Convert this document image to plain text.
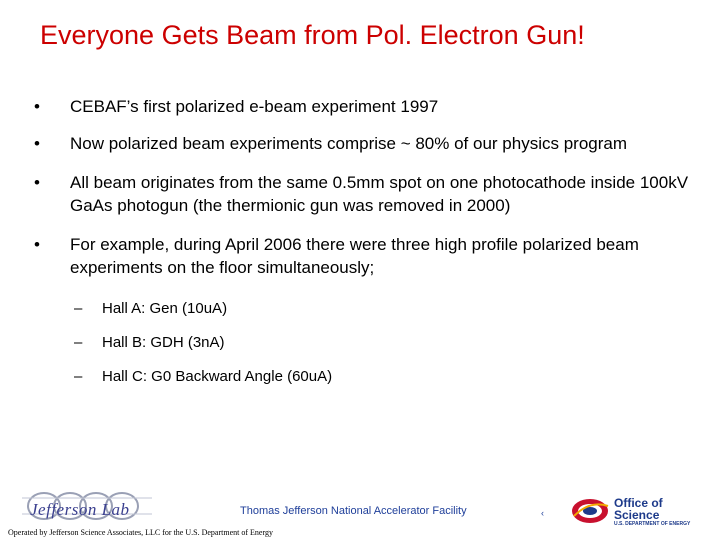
Everyone Gets Beam from Pol. Electron Gun!
• CEBAF’s first polarized e-beam experiment 1997
• Now polarized beam experiments comprise ~ 80% of our physics program
• All beam originates from the same 0.5mm spot on one photocathode inside 100kV GaAs photogun (the thermionic gun was removed in 2000)
• For example, during April 2006 there were three high profile polarized beam experiments on the floor simultaneously;
– Hall A: Gen (10uA)
– Hall B: GDH (3nA)
– Hall C: G0 Backward Angle (60uA)
Jefferson Lab	Thomas Jefferson National Accelerator Facility	‹
Operated by Jefferson Science Associates, LLC for the U.S. Department of Energy
Office of
Science
U.S. DEPARTMENT OF ENERGY
